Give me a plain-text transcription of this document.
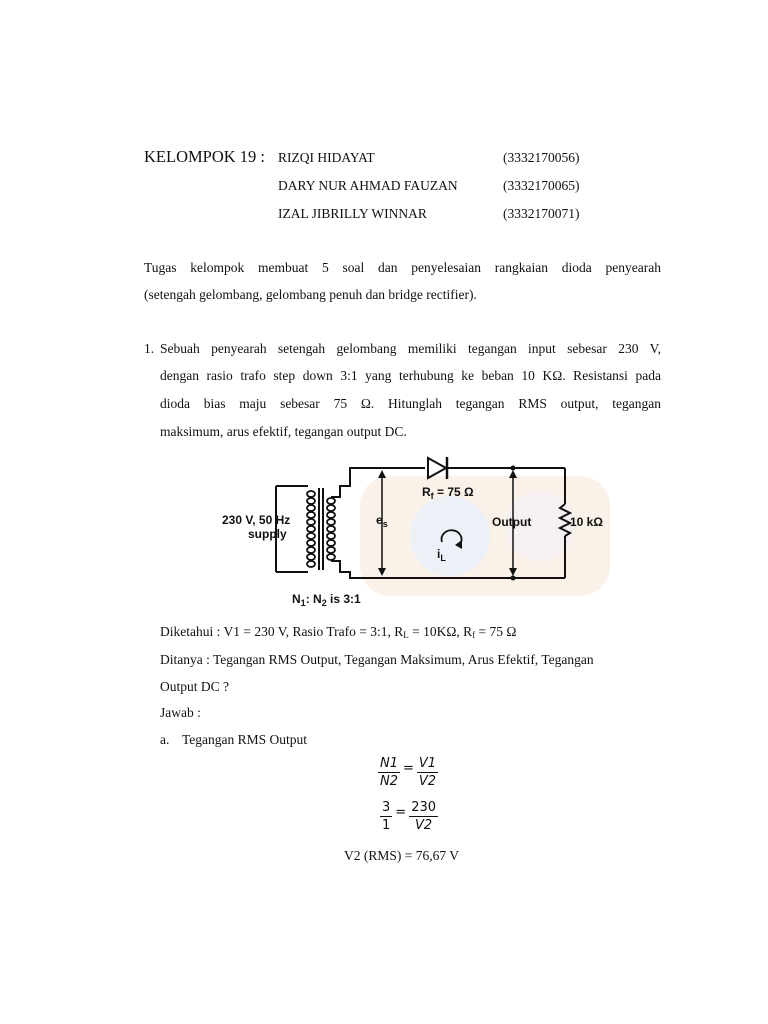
KELOMPOK 19 : RIZQI HIDAYAT	(3332170056)
DARY NUR AHMAD FAUZAN	(3332170065)
IZAL JIBRILLY WINNAR	(3332170071)
Tugas kelompok membuat 5 soal dan penyelesaian rangkaian dioda penyearah
(setengah gelombang, gelombang penuh dan bridge rectifier).
1. Sebuah penyearah setengah gelombang memiliki tegangan input sebesar 230 V,
dengan rasio trafo step down 3:1 yang terhubung ke beban 10 KΩ. Resistansi pada
dioda bias maju sebesar 75 Ω. Hitunglah tegangan RMS output, tegangan
maksimum, arus efektif, tegangan output DC.
230 V, 50 Hz
supply
$e_s$
$R_f = 75$ Ω
Output	10 kΩ
$i_L$
$N_1$: $N_2$ is 3:1
Diketahui : V1 = 230 V, Rasio Trafo = 3:1, $R_L = 10K\Omega$, $R_f = 75$ Ω
Ditanya : Tegangan RMS Output, Tegangan Maksimum, Arus Efektif, Tegangan
Output DC ?
Jawab :
a. Tegangan RMS Output
$\frac{N1}{N2} = \frac{V1}{V2}$
$\frac{3}{1} = \frac{230}{V2}$
V2 (RMS) = 76,67 V
